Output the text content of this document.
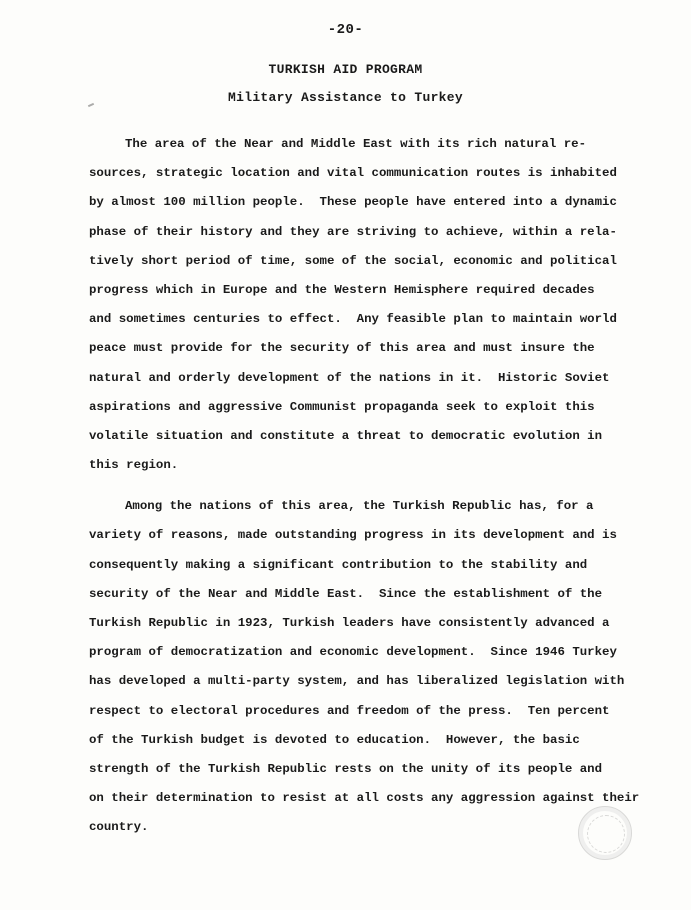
-20-
TURKISH AID PROGRAM
Military Assistance to Turkey
The area of the Near and Middle East with its rich natural re-
sources, strategic location and vital communication routes is inhabited
by almost 100 million people.  These people have entered into a dynamic
phase of their history and they are striving to achieve, within a rela-
tively short period of time, some of the social, economic and political
progress which in Europe and the Western Hemisphere required decades
and sometimes centuries to effect.  Any feasible plan to maintain world
peace must provide for the security of this area and must insure the
natural and orderly development of the nations in it.  Historic Soviet
aspirations and aggressive Communist propaganda seek to exploit this
volatile situation and constitute a threat to democratic evolution in
this region.
Among the nations of this area, the Turkish Republic has, for a
variety of reasons, made outstanding progress in its development and is
consequently making a significant contribution to the stability and
security of the Near and Middle East.  Since the establishment of the
Turkish Republic in 1923, Turkish leaders have consistently advanced a
program of democratization and economic development.  Since 1946 Turkey
has developed a multi-party system, and has liberalized legislation with
respect to electoral procedures and freedom of the press.  Ten percent
of the Turkish budget is devoted to education.  However, the basic
strength of the Turkish Republic rests on the unity of its people and
on their determination to resist at all costs any aggression against their
country.
